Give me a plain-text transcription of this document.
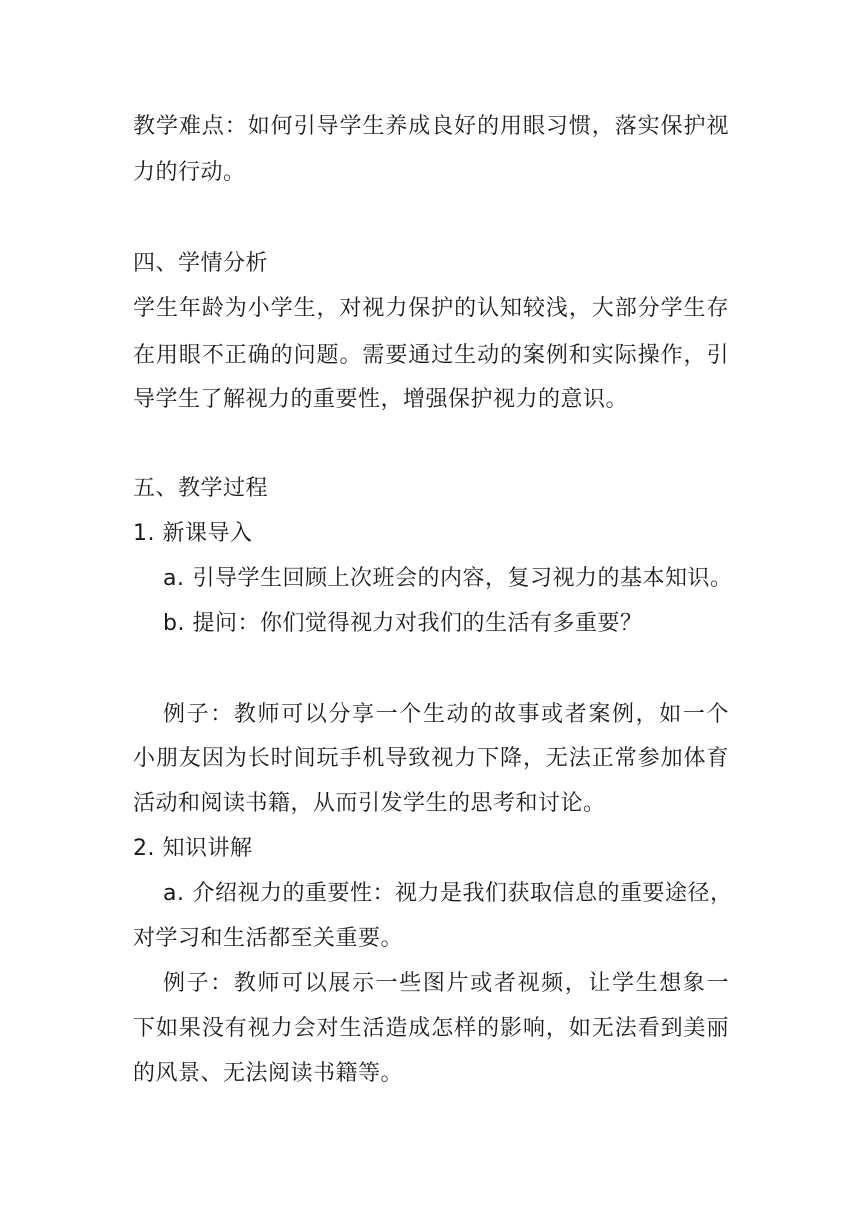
教学难点：如何引导学生养成良好的用眼习惯，落实保护视
力的行动。
四、学情分析
学生年龄为小学生，对视力保护的认知较浅，大部分学生存
在用眼不正确的问题。需要通过生动的案例和实际操作，引
导学生了解视力的重要性，增强保护视力的意识。
五、教学过程
1. 新课导入
a. 引导学生回顾上次班会的内容，复习视力的基本知识。
b. 提问：你们觉得视力对我们的生活有多重要？
例子：教师可以分享一个生动的故事或者案例，如一个
小朋友因为长时间玩手机导致视力下降，无法正常参加体育
活动和阅读书籍，从而引发学生的思考和讨论。
2. 知识讲解
a. 介绍视力的重要性：视力是我们获取信息的重要途径，
对学习和生活都至关重要。
例子：教师可以展示一些图片或者视频，让学生想象一
下如果没有视力会对生活造成怎样的影响，如无法看到美丽
的风景、无法阅读书籍等。
